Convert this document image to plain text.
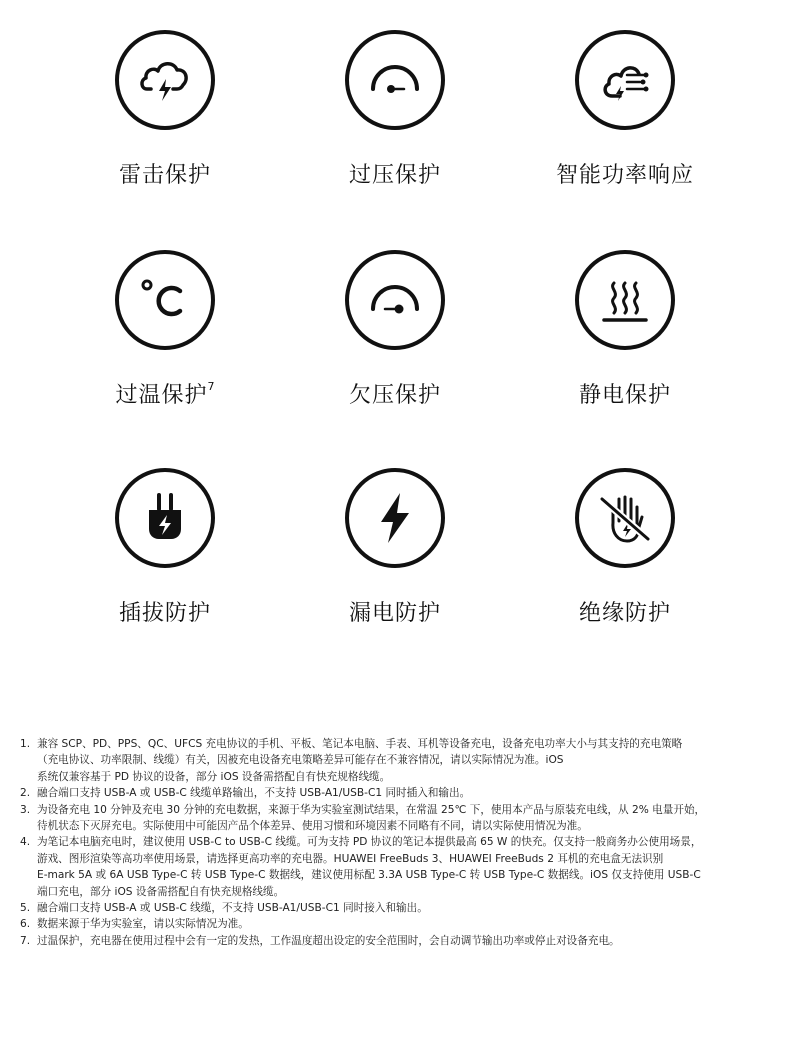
雷击保护	过压保护	智能功率响应
过温保护$^7$	欠压保护	静电保护
插拔防护	漏电防护	绝缘防护
1. 兼容 SCP、PD、PPS、QC、UFCS 充电协议的手机、平板、笔记本电脑、手表、耳机等设备充电，设备充电功率大小与其支持的充电策略
（充电协议、功率限制、线缆）有关，因被充电设备充电策略差异可能存在不兼容情况，请以实际情况为准。iOS
系统仅兼容基于 PD 协议的设备，部分 iOS 设备需搭配自有快充规格线缆。
2. 融合端口支持 USB-A 或 USB-C 线缆单路输出，不支持 USB-A1/USB-C1 同时插入和输出。
3. 为设备充电 10 分钟及充电 30 分钟的充电数据，来源于华为实验室测试结果，在常温 25℃ 下，使用本产品与原装充电线，从 2% 电量开始，
待机状态下灭屏充电。实际使用中可能因产品个体差异、使用习惯和环境因素不同略有不同，请以实际使用情况为准。
4. 为笔记本电脑充电时，建议使用 USB-C to USB-C 线缆。可为支持 PD 协议的笔记本提供最高 65 W 的快充。仅支持一般商务办公使用场景，
游戏、图形渲染等高功率使用场景，请选择更高功率的充电器。HUAWEI FreeBuds 3、HUAWEI FreeBuds 2 耳机的充电盒无法识别
E-mark 5A 或 6A USB Type-C 转 USB Type-C 数据线，建议使用标配 3.3A USB Type-C 转 USB Type-C 数据线。iOS 仅支持使用 USB-C
端口充电，部分 iOS 设备需搭配自有快充规格线缆。
5. 融合端口支持 USB-A 或 USB-C 线缆，不支持 USB-A1/USB-C1 同时接入和输出。
6. 数据来源于华为实验室，请以实际情况为准。
7. 过温保护，充电器在使用过程中会有一定的发热，工作温度超出设定的安全范围时，会自动调节输出功率或停止对设备充电。
